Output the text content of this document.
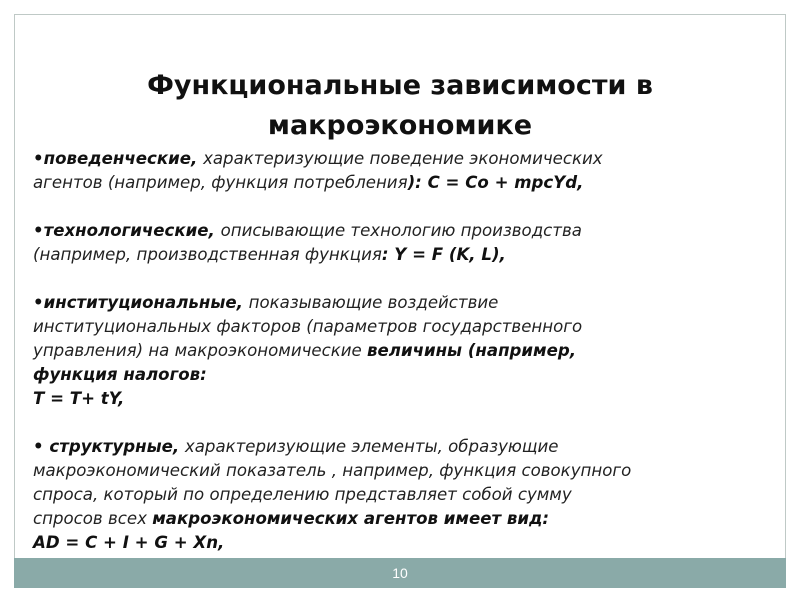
Функциональные зависимости в
макроэкономике
•поведенческие, характеризующие поведение экономических
агентов (например, функция потребления): C = Co + mpcYd,
•технологические, описывающие технологию производства
(например, производственная функция: Y = F (K, L),
•институциональные, показывающие воздействие
институциональных факторов (параметров государственного
управления) на макроэкономические величины (например,
функция налогов:
T = T+ tY,
• структурные, характеризующие элементы, образующие
макроэкономический показатель , например, функция совокупного
спроса, который по определению представляет собой сумму
спросов всех макроэкономических агентов имеет вид:
AD = C + I + G + Xn,
10
